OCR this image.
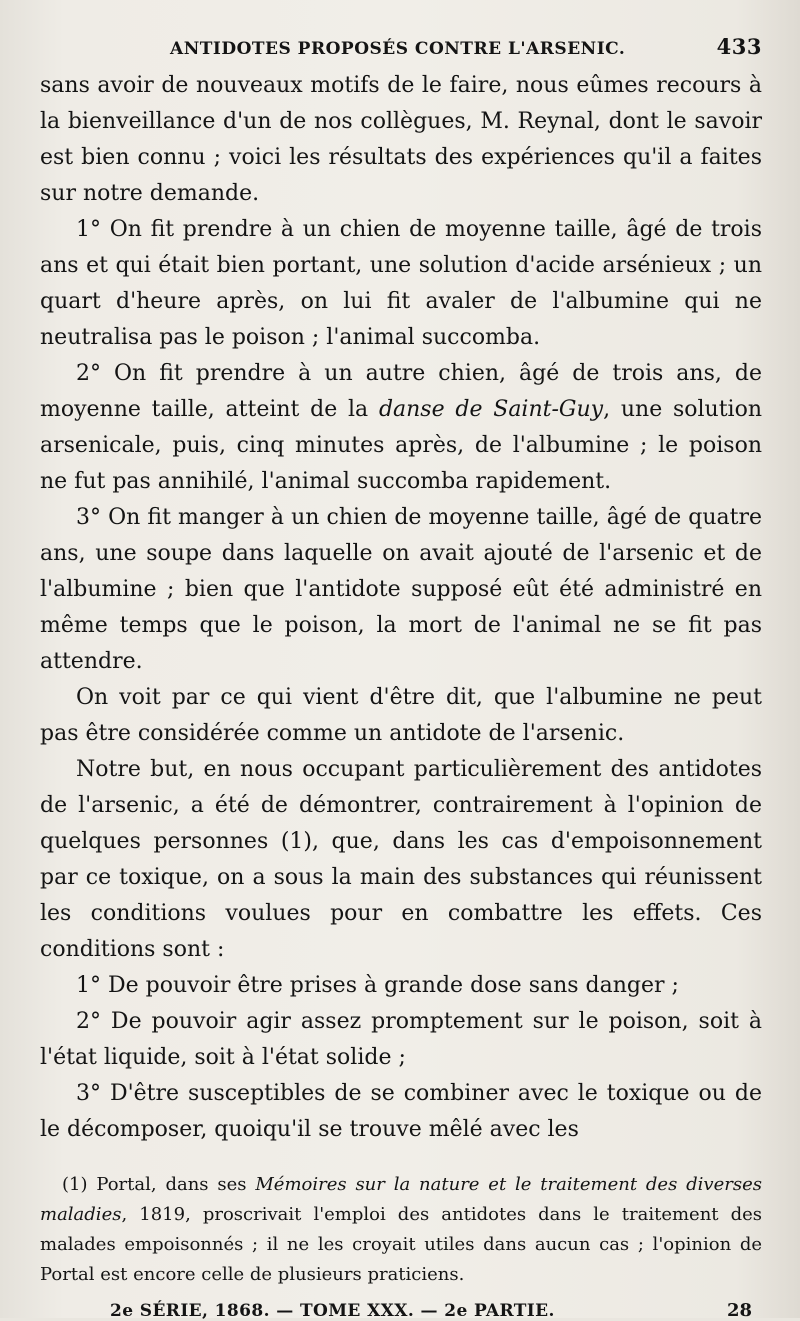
ANTIDOTES PROPOSÉS CONTRE L'ARSENIC.	433

sans avoir de nouveaux motifs de le faire, nous eûmes recours à la bienveillance d'un de nos collègues, M. Reynal, dont le savoir est bien connu ; voici les résultats des expériences qu'il a faites sur notre demande.

1° On fit prendre à un chien de moyenne taille, âgé de trois ans et qui était bien portant, une solution d'acide arsénieux ; un quart d'heure après, on lui fit avaler de l'albumine qui ne neutralisa pas le poison ; l'animal succomba.

2° On fit prendre à un autre chien, âgé de trois ans, de moyenne taille, atteint de la danse de Saint-Guy, une solution arsenicale, puis, cinq minutes après, de l'albumine ; le poison ne fut pas annihilé, l'animal succomba rapidement.

3° On fit manger à un chien de moyenne taille, âgé de quatre ans, une soupe dans laquelle on avait ajouté de l'arsenic et de l'albumine ; bien que l'antidote supposé eût été administré en même temps que le poison, la mort de l'animal ne se fit pas attendre.

On voit par ce qui vient d'être dit, que l'albumine ne peut pas être considérée comme un antidote de l'arsenic.

Notre but, en nous occupant particulièrement des antidotes de l'arsenic, a été de démontrer, contrairement à l'opinion de quelques personnes (1), que, dans les cas d'empoisonnement par ce toxique, on a sous la main des substances qui réunissent les conditions voulues pour en combattre les effets. Ces conditions sont :

1° De pouvoir être prises à grande dose sans danger ;

2° De pouvoir agir assez promptement sur le poison, soit à l'état liquide, soit à l'état solide ;

3° D'être susceptibles de se combiner avec le toxique ou de le décomposer, quoiqu'il se trouve mêlé avec les

(1) Portal, dans ses Mémoires sur la nature et le traitement des diverses maladies, 1819, proscrivait l'emploi des antidotes dans le traitement des malades empoisonnés ; il ne les croyait utiles dans aucun cas ; l'opinion de Portal est encore celle de plusieurs praticiens.
2e SÉRIE, 1868. — TOME XXX. — 2e PARTIE.	28
